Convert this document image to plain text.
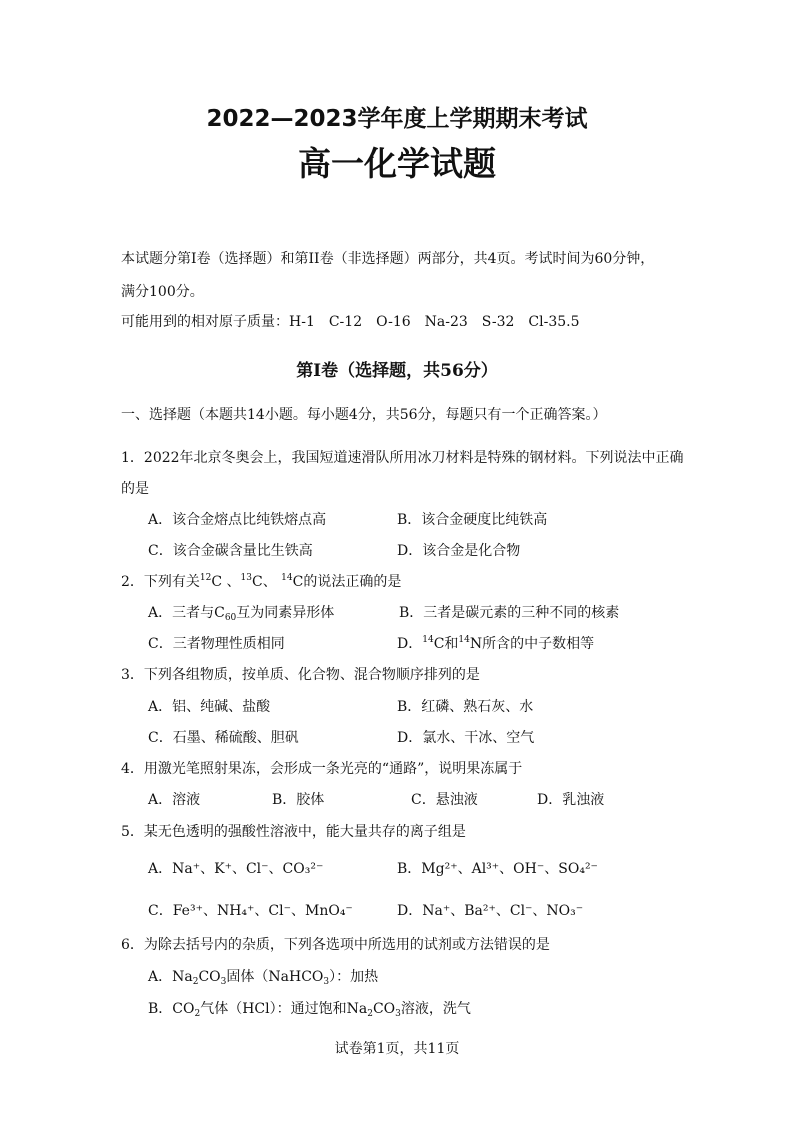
2022—2023学年度上学期期末考试
高一化学试题
本试题分第I卷（选择题）和第II卷（非选择题）两部分，共4页。考试时间为60分钟，
满分100分。
可能用到的相对原子质量：H-1　C-12　O-16　Na-23　S-32　Cl-35.5
第I卷（选择题，共56分）
一、选择题（本题共14小题。每小题4分，共56分，每题只有一个正确答案。）
1．2022年北京冬奥会上，我国短道速滑队所用冰刀材料是特殊的钢材料。下列说法中正确
的是
A．该合金熔点比纯铁熔点高	B．该合金硬度比纯铁高
C．该合金碳含量比生铁高	D．该合金是化合物
2．下列有关$^{12}$C 、$^{13}$C、 $^{14}$C的说法正确的是
A．三者与$C_{60}$互为同素异形体	B．三者是碳元素的三种不同的核素
C．三者物理性质相同	D．$^{14}$C和$^{14}$N所含的中子数相等
3．下列各组物质，按单质、化合物、混合物顺序排列的是
A．铝、纯碱、盐酸	B．红磷、熟石灰、水
C．石墨、稀硫酸、胆矾	D．氯水、干冰、空气
4．用激光笔照射果冻，会形成一条光亮的“通路”，说明果冻属于
A．溶液	B．胶体	C．悬浊液	D．乳浊液
5．某无色透明的强酸性溶液中，能大量共存的离子组是
A．Na⁺、K⁺、Cl⁻、CO₃²⁻	B．Mg²⁺、Al³⁺、OH⁻、SO₄²⁻
C．Fe³⁺、NH₄⁺、Cl⁻、MnO₄⁻	D．Na⁺、Ba²⁺、Cl⁻、NO₃⁻
6．为除去括号内的杂质，下列各选项中所选用的试剂或方法错误的是
A．$Na_2CO_3$固体（NaHCO$_3$）：加热
B．$CO_2$气体（HCl）：通过饱和$Na_2CO_3$溶液，洗气
试卷第1页，共11页
